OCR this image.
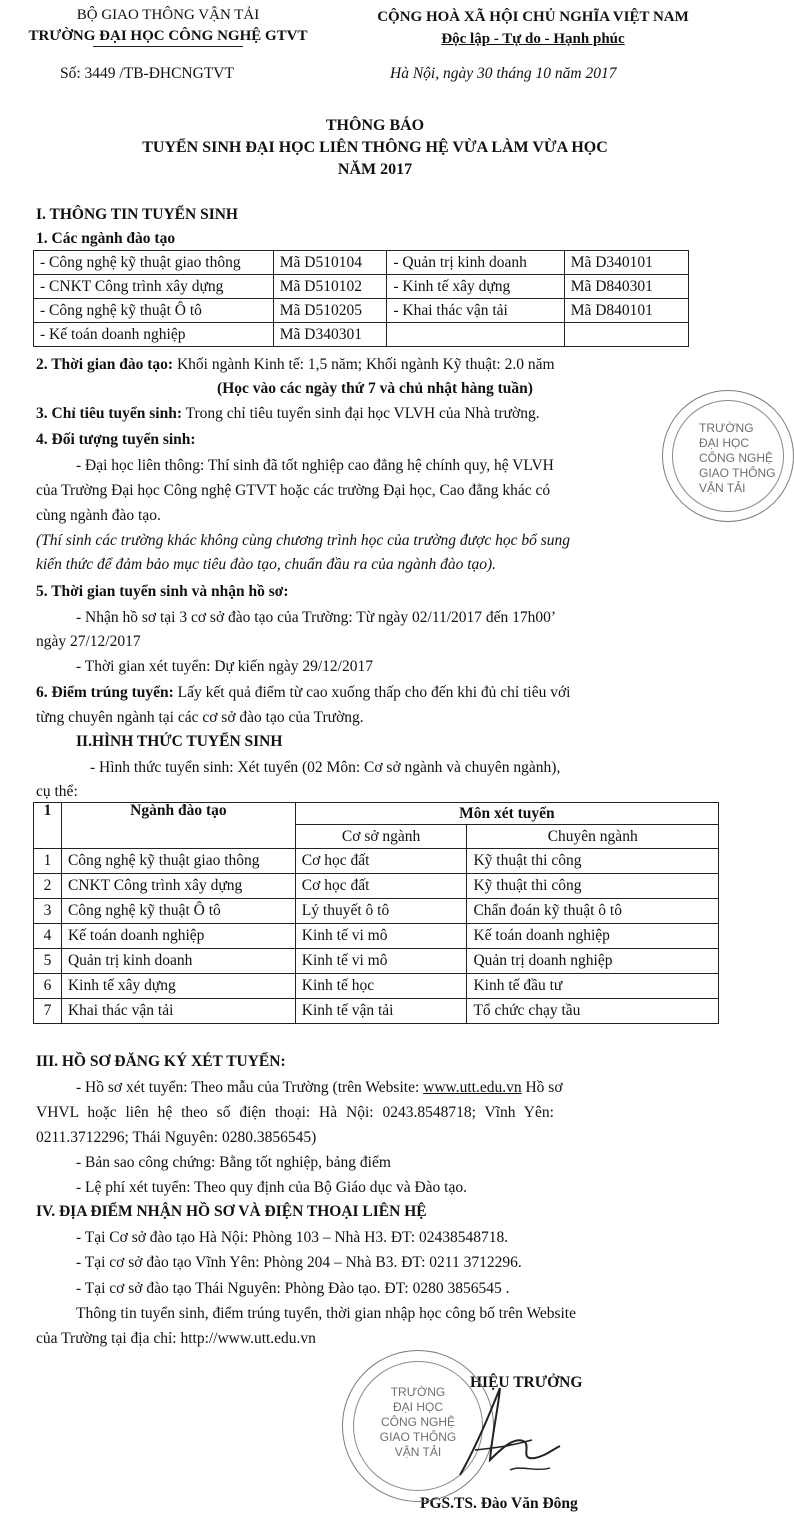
BỘ GIAO THÔNG VẬN TẢI
TRƯỜNG ĐẠI HỌC CÔNG NGHỆ GTVT
Số: 3449 /TB-ĐHCNGTVT
CỘNG HOÀ XÃ HỘI CHỦ NGHĨA VIỆT NAM
Độc lập - Tự do - Hạnh phúc
Hà Nội, ngày 30 tháng 10 năm 2017
THÔNG BÁO
TUYỂN SINH ĐẠI HỌC LIÊN THÔNG HỆ VỪA LÀM VỪA HỌC
NĂM 2017
I. THÔNG TIN TUYỂN SINH
1. Các ngành đào tạo
- Công nghệ kỹ thuật giao thông	Mã D510104	- Quản trị kinh doanh	Mã D340101
- CNKT Công trình xây dựng	Mã D510102	- Kinh tế xây dựng	Mã D840301
- Công nghệ kỹ thuật Ô tô	Mã D510205	- Khai thác vận tải	Mã D840101
- Kế toán doanh nghiệp	Mã D340301		
2. Thời gian đào tạo: Khối ngành Kinh tế: 1,5 năm; Khối ngành Kỹ thuật: 2.0 năm
(Học vào các ngày thứ 7 và chủ nhật hàng tuần)
3. Chỉ tiêu tuyển sinh: Trong chỉ tiêu tuyển sinh đại học VLVH của Nhà trường.
4. Đối tượng tuyển sinh:
- Đại học liên thông: Thí sinh đã tốt nghiệp cao đẳng hệ chính quy, hệ VLVH
của Trường Đại học Công nghệ GTVT hoặc các trường Đại học, Cao đẳng khác có
cùng ngành đào tạo.
(Thí sinh các trường khác không cùng chương trình học của trường được học bổ sung
kiến thức để đảm bảo mục tiêu đào tạo, chuẩn đầu ra của ngành đào tạo).
5. Thời gian tuyển sinh và nhận hồ sơ:
- Nhận hồ sơ tại 3 cơ sở đào tạo của Trường: Từ ngày 02/11/2017 đến 17h00’
ngày 27/12/2017
- Thời gian xét tuyển: Dự kiến ngày 29/12/2017
6. Điểm trúng tuyển: Lấy kết quả điểm từ cao xuống thấp cho đến khi đủ chỉ tiêu với
từng chuyên ngành tại các cơ sở đào tạo của Trường.
II.HÌNH THỨC TUYỂN SINH
- Hình thức tuyển sinh: Xét tuyển (02 Môn: Cơ sở ngành và chuyên ngành),
cụ thể:
1	Ngành đào tạo	Môn xét tuyển	
		Cơ sở ngành	Chuyên ngành
1	Công nghệ kỹ thuật giao thông	Cơ học đất	Kỹ thuật thi công
2	CNKT Công trình xây dựng	Cơ học đất	Kỹ thuật thi công
3	Công nghệ kỹ thuật Ô tô	Lý thuyết ô tô	Chẩn đoán kỹ thuật ô tô
4	Kế toán doanh nghiệp	Kinh tế vi mô	Kế toán doanh nghiệp
5	Quản trị kinh doanh	Kinh tế vi mô	Quản trị doanh nghiệp
6	Kinh tế xây dựng	Kinh tế học	Kinh tế đầu tư
7	Khai thác vận tải	Kinh tế vận tải	Tổ chức chạy tầu
III. HỒ SƠ ĐĂNG KÝ XÉT TUYỂN:
- Hồ sơ xét tuyển: Theo mẫu của Trường (trên Website: www.utt.edu.vn Hồ sơ
VHVL hoặc liên hệ theo số điện thoại: Hà Nội: 0243.8548718; Vĩnh Yên:
0211.3712296; Thái Nguyên: 0280.3856545)
- Bản sao công chứng: Bằng tốt nghiệp, bảng điểm
- Lệ phí xét tuyển: Theo quy định của Bộ Giáo dục và Đào tạo.
IV. ĐỊA ĐIỂM NHẬN HỒ SƠ VÀ ĐIỆN THOẠI LIÊN HỆ
- Tại Cơ sở đào tạo Hà Nội: Phòng 103 – Nhà H3. ĐT: 02438548718.
- Tại cơ sở đào tạo Vĩnh Yên: Phòng 204 – Nhà B3. ĐT: 0211 3712296.
- Tại cơ sở đào tạo Thái Nguyên: Phòng Đào tạo. ĐT: 0280 3856545 .
Thông tin tuyển sinh, điểm trúng tuyển, thời gian nhập học công bố trên Website
của Trường tại địa chỉ: http://www.utt.edu.vn
HIỆU TRƯỞNG
PGS.TS. Đào Văn Đông
TRƯỜNG
ĐẠI HỌC
CÔNG NGHỆ
GIAO THÔNG
VẬN TẢI
TRƯỜNG
ĐẠI HỌC
CÔNG NGHỆ
GIAO THÔNG
VẬN TẢI
